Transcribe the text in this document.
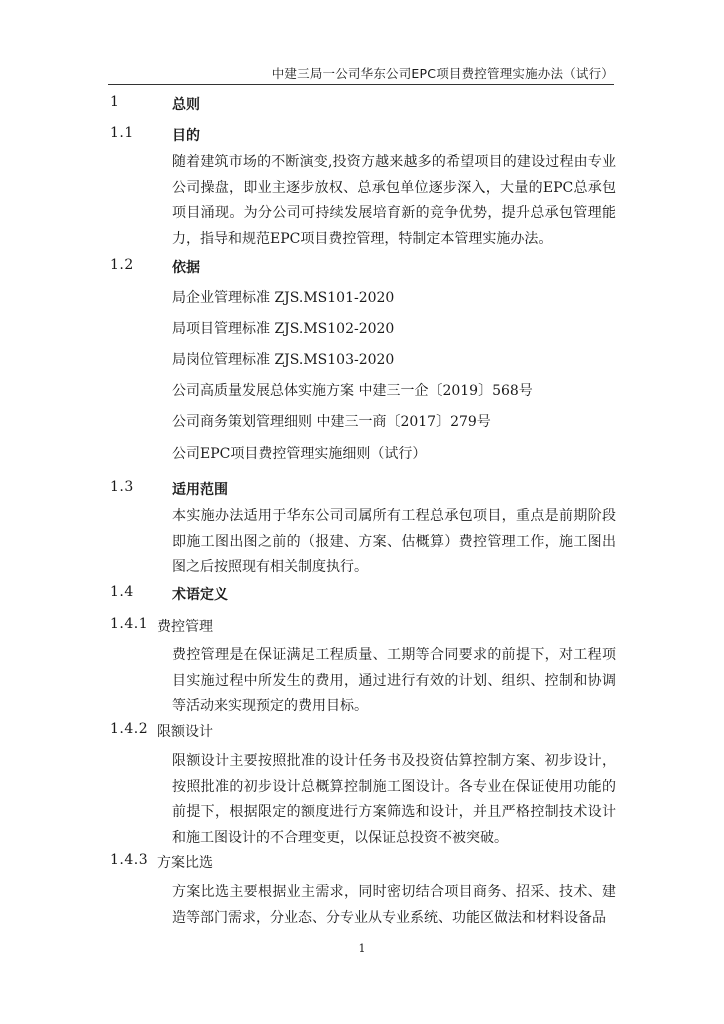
中建三局一公司华东公司EPC项目费控管理实施办法（试行）
1	总则
1.1	目的
随着建筑市场的不断演变,投资方越来越多的希望项目的建设过程由专业公司操盘，即业主逐步放权、总承包单位逐步深入，大量的EPC总承包项目涌现。为分公司可持续发展培育新的竞争优势，提升总承包管理能力，指导和规范EPC项目费控管理，特制定本管理实施办法。
1.2	依据
局企业管理标准 ZJS.MS101-2020
局项目管理标准 ZJS.MS102-2020
局岗位管理标准 ZJS.MS103-2020
公司高质量发展总体实施方案 中建三一企〔2019〕568号
公司商务策划管理细则 中建三一商〔2017〕279号
公司EPC项目费控管理实施细则（试行）
1.3	适用范围
本实施办法适用于华东公司司属所有工程总承包项目，重点是前期阶段即施工图出图之前的（报建、方案、估概算）费控管理工作，施工图出图之后按照现有相关制度执行。
1.4	术语定义
1.4.1 费控管理
费控管理是在保证满足工程质量、工期等合同要求的前提下，对工程项目实施过程中所发生的费用，通过进行有效的计划、组织、控制和协调等活动来实现预定的费用目标。
1.4.2 限额设计
限额设计主要按照批准的设计任务书及投资估算控制方案、初步设计，按照批准的初步设计总概算控制施工图设计。各专业在保证使用功能的前提下，根据限定的额度进行方案筛选和设计，并且严格控制技术设计和施工图设计的不合理变更，以保证总投资不被突破。
1.4.3 方案比选
方案比选主要根据业主需求，同时密切结合项目商务、招采、技术、建造等部门需求，分业态、分专业从专业系统、功能区做法和材料设备品
1
